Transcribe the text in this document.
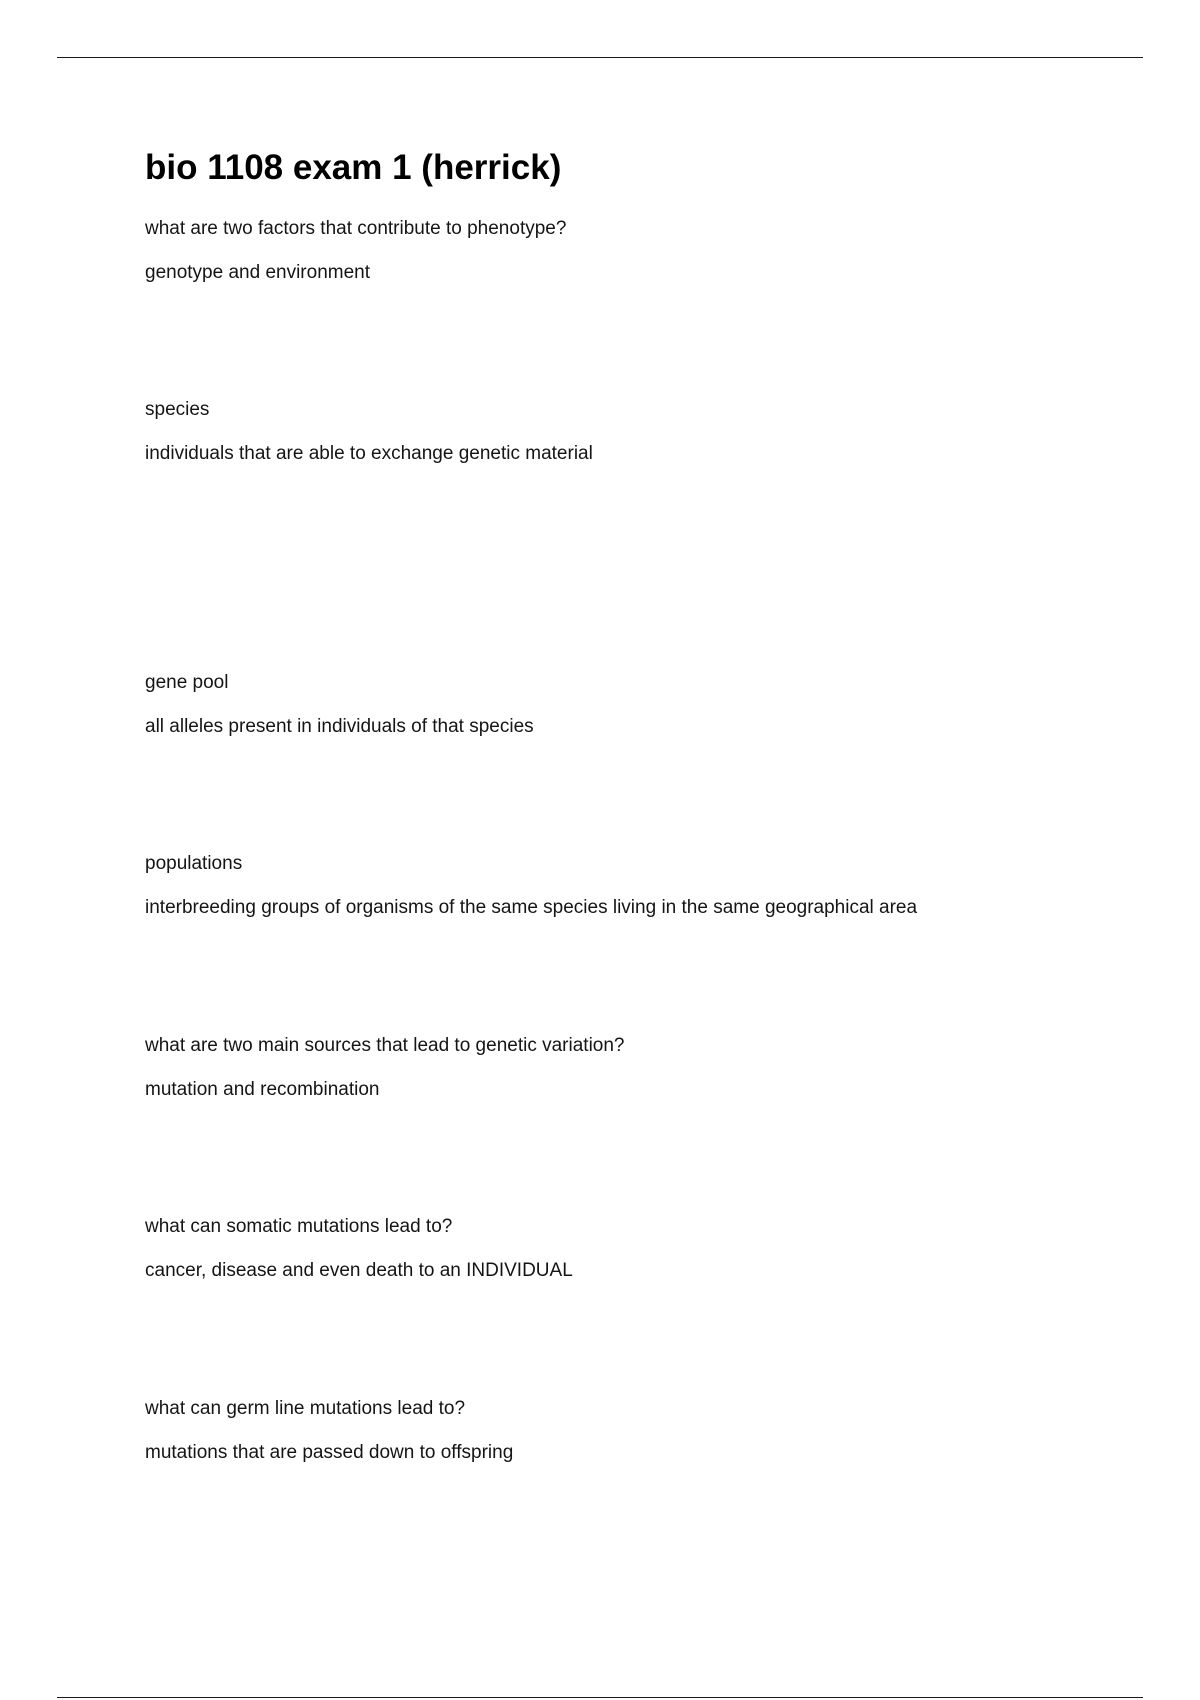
bio 1108 exam 1 (herrick)
what are two factors that contribute to phenotype?
genotype and environment
species
individuals that are able to exchange genetic material
gene pool
all alleles present in individuals of that species
populations
interbreeding groups of organisms of the same species living in the same geographical area
what are two main sources that lead to genetic variation?
mutation and recombination
what can somatic mutations lead to?
cancer, disease and even death to an INDIVIDUAL
what can germ line mutations lead to?
mutations that are passed down to offspring
